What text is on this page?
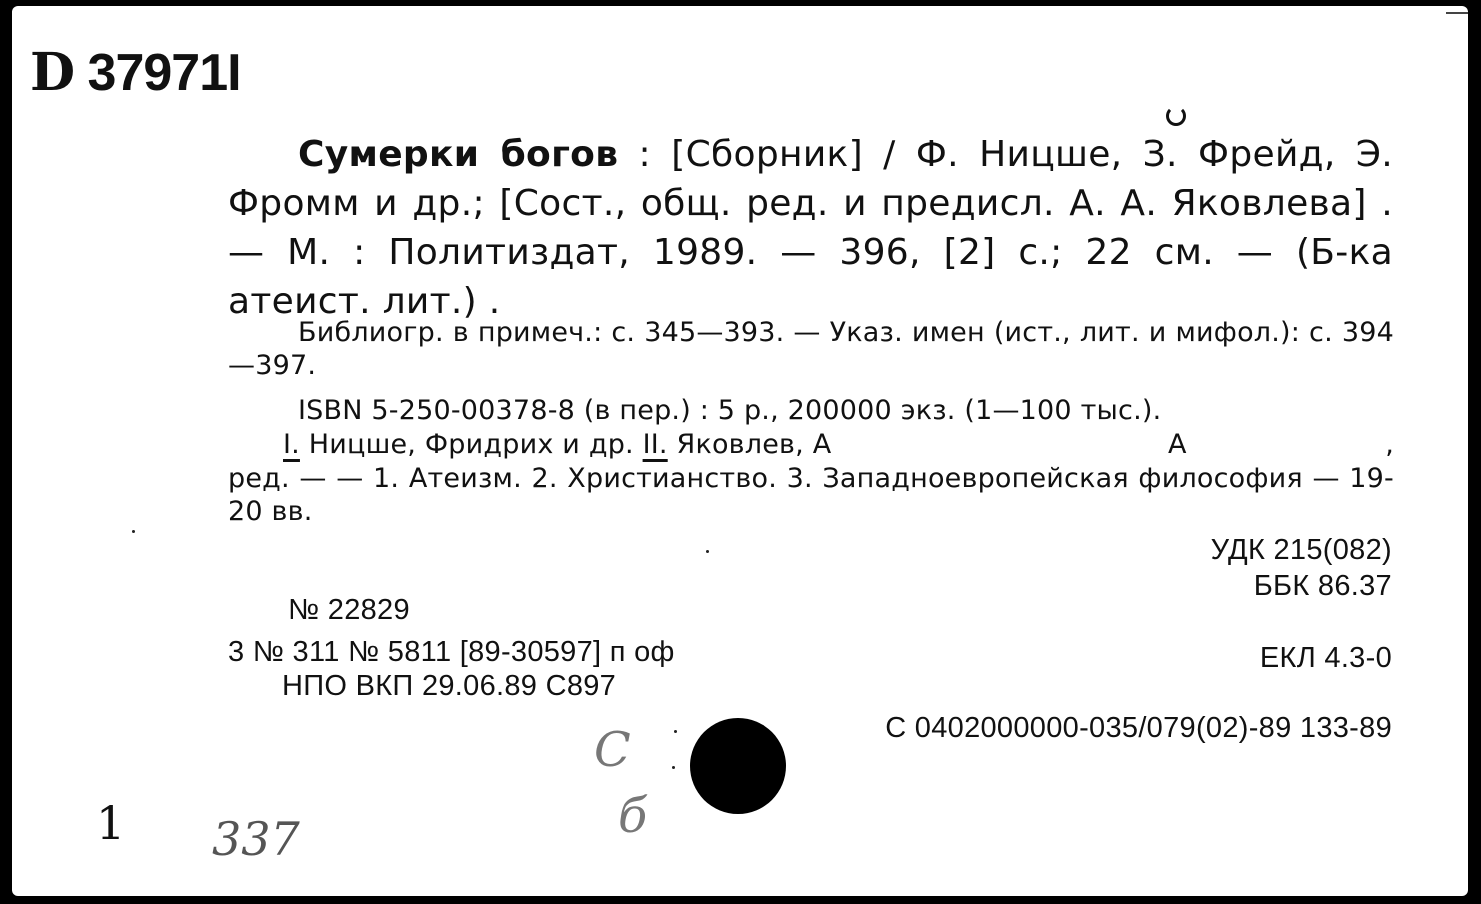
D 37971I
Сумерки богов : [Сборник] / Ф. Ницше, З. Фрейд, Э. Фромм и др.; [Сост., общ. ред. и предисл. А. А. Яковлева] . — М. : Политиздат, 1989. — 396, [2] с.; 22 см. — (Б-ка атеист. лит.) .
Библиогр. в примеч.: с. 345—393. — Указ. имен (ист., лит. и мифол.): с. 394—397.
ISBN 5-250-00378-8 (в пер.) : 5 р., 200000 экз. (1—100 тыс.).
I. Ницше, Фридрих и др. II. Яковлев, А	А	,
ред. — — 1. Атеизм. 2. Христианство. 3. Западноевропейская философия — 19-20 вв.
УДК 215(082)
ББК 86.37
ЕКЛ 4.3-0
С 0402000000-035/079(02)-89 133-89
№ 22829
3 № 311 № 5811 [89-30597] п оф
НПО ВКП 29.06.89 С897
1 337
С
б
